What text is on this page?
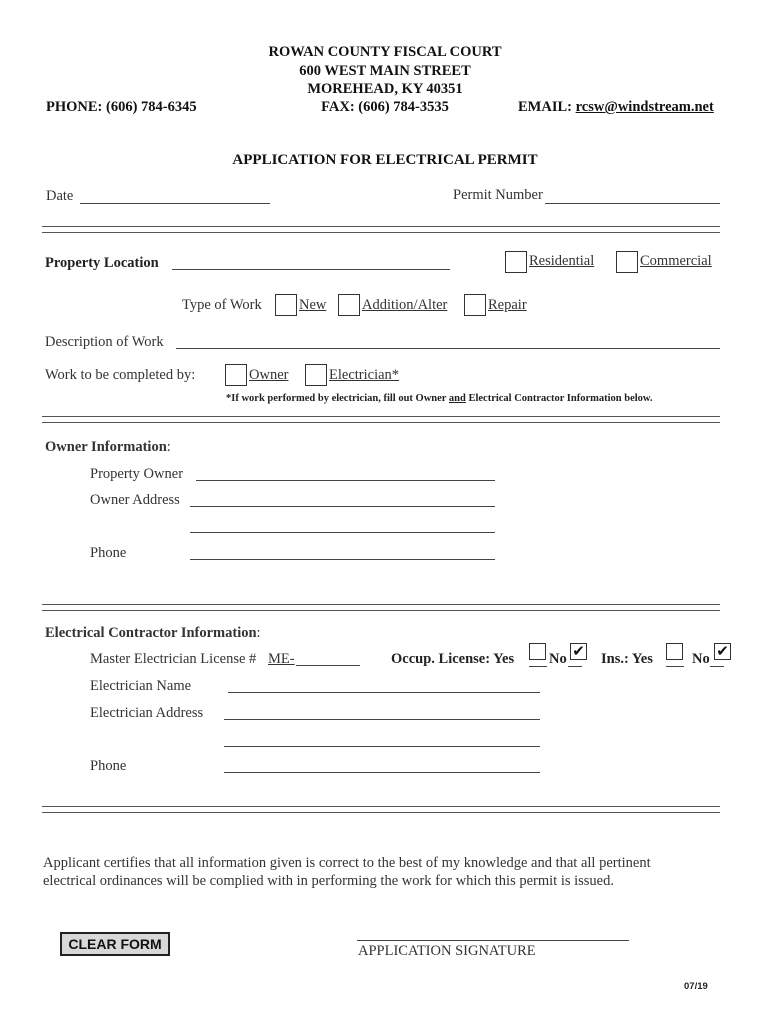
ROWAN COUNTY FISCAL COURT
600 WEST MAIN STREET
MOREHEAD, KY 40351
FAX: (606) 784-3535
PHONE: (606) 784-6345	EMAIL: rcsw@windstream.net
APPLICATION FOR ELECTRICAL PERMIT
Date	Permit Number
Property Location	Residential	Commercial
Type of Work	New Addition/Alter	Repair
Description of Work
Work to be completed by:	Owner	Electrician*
*If work performed by electrician, fill out Owner and Electrical Contractor Information below.
Owner Information:
Property Owner
Owner Address
Phone
Electrical Contractor Information:
Master Electrician License # ME-	Occup. License: Yes No ✔ Ins.: Yes	No ✔
Electrician Name
Electrician Address
Phone
Applicant certifies that all information given is correct to the best of my knowledge and that all pertinent
electrical ordinances will be complied with in performing the work for which this permit is issued.
CLEAR FORM	APPLICATION SIGNATURE
07/19
